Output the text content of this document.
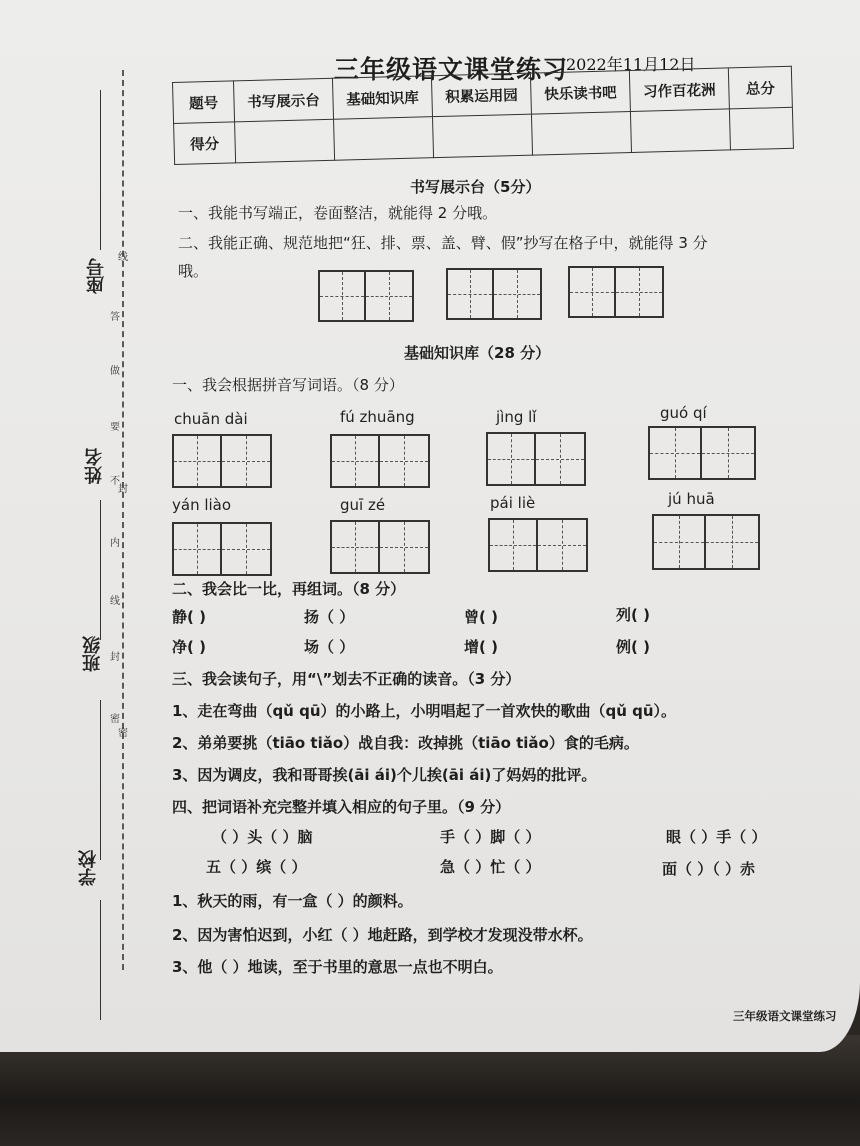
座号
姓名
班级
学校
线
答
做
要
不
内
封
线
封
密
密
三年级语文课堂练习
2022年11月12日
题号	书写展示台	基础知识库	积累运用园	快乐读书吧	习作百花洲	总分
得分						
书写展示台（5分）
一、我能书写端正，卷面整洁，就能得 2 分哦。
二、我能正确、规范地把“狂、排、票、盖、臂、假”抄写在格子中，就能得 3 分
哦。
基础知识库（28 分）
一、我会根据拼音写词语。（8 分）
chuān dài	fú zhuāng	jìng lǐ	guó qí
yán liào	guī zé	pái liè	jú huā
二、我会比一比，再组词。（8 分）
静( )	扬（ ）	曾( )	列( )
净( )	场（ ）	增( )	例( )
三、我会读句子，用“\”划去不正确的读音。（3 分）
1、走在弯曲（qǔ qū）的小路上，小明唱起了一首欢快的歌曲（qǔ qū）。
2、弟弟要挑（tiāo tiǎo）战自我：改掉挑（tiāo tiǎo）食的毛病。
3、因为调皮，我和哥哥挨(āi ái)个儿挨(āi ái)了妈妈的批评。
四、把词语补充完整并填入相应的句子里。（9 分）
（ ）头（ ）脑	手（ ）脚（ ）	眼（ ）手（ ）
五（ ）缤（ ）	急（ ）忙（ ）	面（ ）（ ）赤
1、秋天的雨，有一盒（ ）的颜料。
2、因为害怕迟到，小红（ ）地赶路，到学校才发现没带水杯。
3、他（ ）地读，至于书里的意思一点也不明白。
三年级语文课堂练习
